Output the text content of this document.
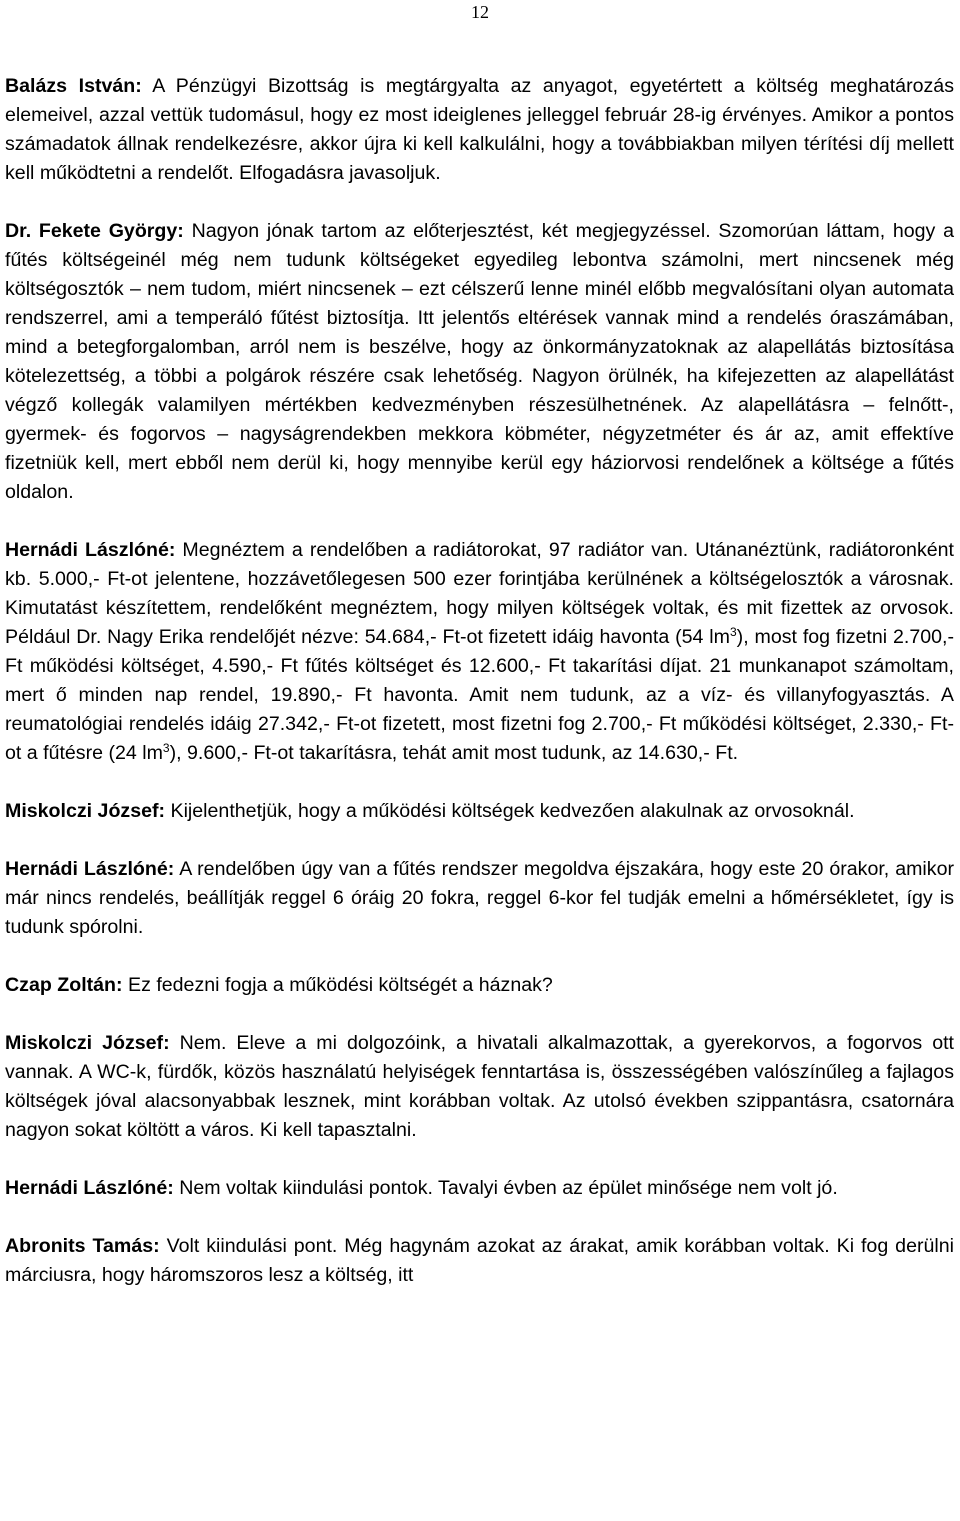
12

Balázs István: A Pénzügyi Bizottság is megtárgyalta az anyagot, egyetértett a költség meghatározás elemeivel, azzal vettük tudomásul, hogy ez most ideiglenes jelleggel február 28-ig érvényes. Amikor a pontos számadatok állnak rendelkezésre, akkor újra ki kell kalkulálni, hogy a továbbiakban milyen térítési díj mellett kell működtetni a rendelőt. Elfogadásra javasoljuk.

Dr. Fekete György: Nagyon jónak tartom az előterjesztést, két megjegyzéssel. Szomorúan láttam, hogy a fűtés költségeinél még nem tudunk költségeket egyedileg lebontva számolni, mert nincsenek még költségosztók – nem tudom, miért nincsenek – ezt célszerű lenne minél előbb megvalósítani olyan automata rendszerrel, ami a temperáló fűtést biztosítja. Itt jelentős eltérések vannak mind a rendelés óraszámában, mind a betegforgalomban, arról nem is beszélve, hogy az önkormányzatoknak az alapellátás biztosítása kötelezettség, a többi a polgárok részére csak lehetőség. Nagyon örülnék, ha kifejezetten az alapellátást végző kollegák valamilyen mértékben kedvezményben részesülhetnének. Az alapellátásra – felnőtt-, gyermek- és fogorvos – nagyságrendekben mekkora köbméter, négyzetméter és ár az, amit effektíve fizetniük kell, mert ebből nem derül ki, hogy mennyibe kerül egy háziorvosi rendelőnek a költsége a fűtés oldalon.

Hernádi Lászlóné: Megnéztem a rendelőben a radiátorokat, 97 radiátor van. Utánanéztünk, radiátoronként kb. 5.000,- Ft-ot jelentene, hozzávetőlegesen 500 ezer forintjába kerülnének a költségelosztók a városnak. Kimutatást készítettem, rendelőként megnéztem, hogy milyen költségek voltak, és mit fizettek az orvosok. Például Dr. Nagy Erika rendelőjét nézve: 54.684,- Ft-ot fizetett idáig havonta (54 $lm^3$), most fog fizetni 2.700,- Ft működési költséget, 4.590,- Ft fűtés költséget és 12.600,- Ft takarítási díjat. 21 munkanapot számoltam, mert ő minden nap rendel, 19.890,- Ft havonta. Amit nem tudunk, az a víz- és villanyfogyasztás. A reumatológiai rendelés idáig 27.342,- Ft-ot fizetett, most fizetni fog 2.700,- Ft működési költséget, 2.330,- Ft-ot a fűtésre (24 $lm^3$), 9.600,- Ft-ot takarításra, tehát amit most tudunk, az 14.630,- Ft.

Miskolczi József: Kijelenthetjük, hogy a működési költségek kedvezően alakulnak az orvosoknál.

Hernádi Lászlóné: A rendelőben úgy van a fűtés rendszer megoldva éjszakára, hogy este 20 órakor, amikor már nincs rendelés, beállítják reggel 6 óráig 20 fokra, reggel 6-kor fel tudják emelni a hőmérsékletet, így is tudunk spórolni.

Czap Zoltán: Ez fedezni fogja a működési költségét a háznak?

Miskolczi József: Nem. Eleve a mi dolgozóink, a hivatali alkalmazottak, a gyerekorvos, a fogorvos ott vannak. A WC-k, fürdők, közös használatú helyiségek fenntartása is, összességében valószínűleg a fajlagos költségek jóval alacsonyabbak lesznek, mint korábban voltak. Az utolsó években szippantásra, csatornára nagyon sokat költött a város. Ki kell tapasztalni.

Hernádi Lászlóné: Nem voltak kiindulási pontok. Tavalyi évben az épület minősége nem volt jó.

Abronits Tamás: Volt kiindulási pont. Még hagynám azokat az árakat, amik korábban voltak. Ki fog derülni márciusra, hogy háromszoros lesz a költség, itt
